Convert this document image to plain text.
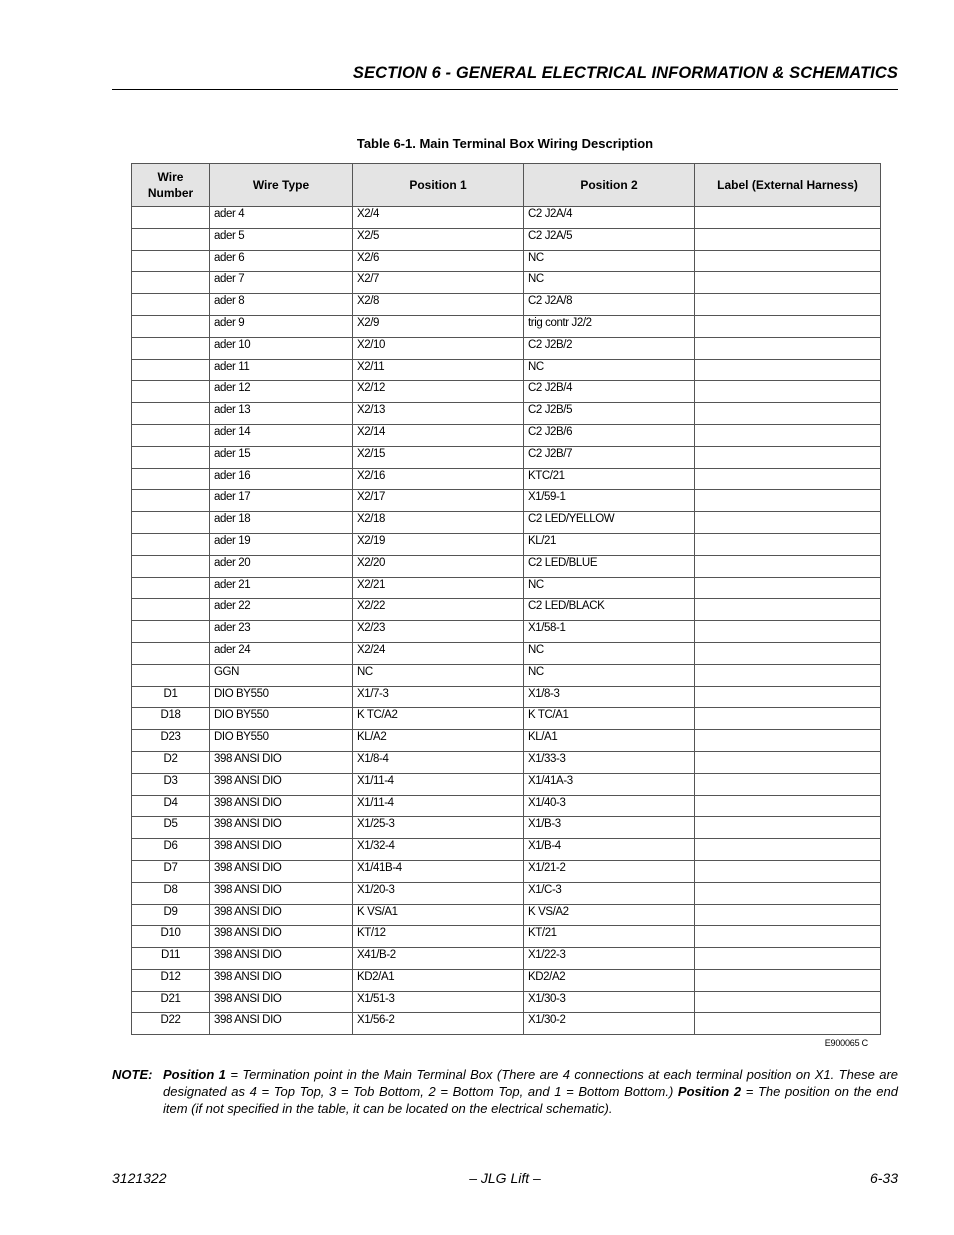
SECTION 6 - GENERAL ELECTRICAL INFORMATION & SCHEMATICS
Table 6-1. Main Terminal Box Wiring Description
Wire Number	Wire Type	Position 1	Position 2	Label (External Harness)
	ader 4	X2/4	C2 J2A/4	
	ader 5	X2/5	C2 J2A/5	
	ader 6	X2/6	NC	
	ader 7	X2/7	NC	
	ader 8	X2/8	C2 J2A/8	
	ader 9	X2/9	trig contr J2/2	
	ader 10	X2/10	C2 J2B/2	
	ader 11	X2/11	NC	
	ader 12	X2/12	C2 J2B/4	
	ader 13	X2/13	C2 J2B/5	
	ader 14	X2/14	C2 J2B/6	
	ader 15	X2/15	C2 J2B/7	
	ader 16	X2/16	KTC/21	
	ader 17	X2/17	X1/59-1	
	ader 18	X2/18	C2 LED/YELLOW	
	ader 19	X2/19	KL/21	
	ader 20	X2/20	C2 LED/BLUE	
	ader 21	X2/21	NC	
	ader 22	X2/22	C2 LED/BLACK	
	ader 23	X2/23	X1/58-1	
	ader 24	X2/24	NC	
	GGN	NC	NC	
D1	DIO BY550	X1/7-3	X1/8-3	
D18	DIO BY550	K TC/A2	K TC/A1	
D23	DIO BY550	KL/A2	KL/A1	
D2	398 ANSI DIO	X1/8-4	X1/33-3	
D3	398 ANSI DIO	X1/11-4	X1/41A-3	
D4	398 ANSI DIO	X1/11-4	X1/40-3	
D5	398 ANSI DIO	X1/25-3	X1/B-3	
D6	398 ANSI DIO	X1/32-4	X1/B-4	
D7	398 ANSI DIO	X1/41B-4	X1/21-2	
D8	398 ANSI DIO	X1/20-3	X1/C-3	
D9	398 ANSI DIO	K VS/A1	K VS/A2	
D10	398 ANSI DIO	KT/12	KT/21	
D11	398 ANSI DIO	X41/B-2	X1/22-3	
D12	398 ANSI DIO	KD2/A1	KD2/A2	
D21	398 ANSI DIO	X1/51-3	X1/30-3	
D22	398 ANSI DIO	X1/56-2	X1/30-2	
E900065 C
NOTE: Position 1 = Termination point in the Main Terminal Box (There are 4 connections at each terminal position on X1. These are designated as 4 = Top Top, 3 = Tob Bottom, 2 = Bottom Top, and 1 = Bottom Bottom.) Position 2 = The position on the end item (if not specified in the table, it can be located on the electrical schematic).
3121322	– JLG Lift –	6-33
